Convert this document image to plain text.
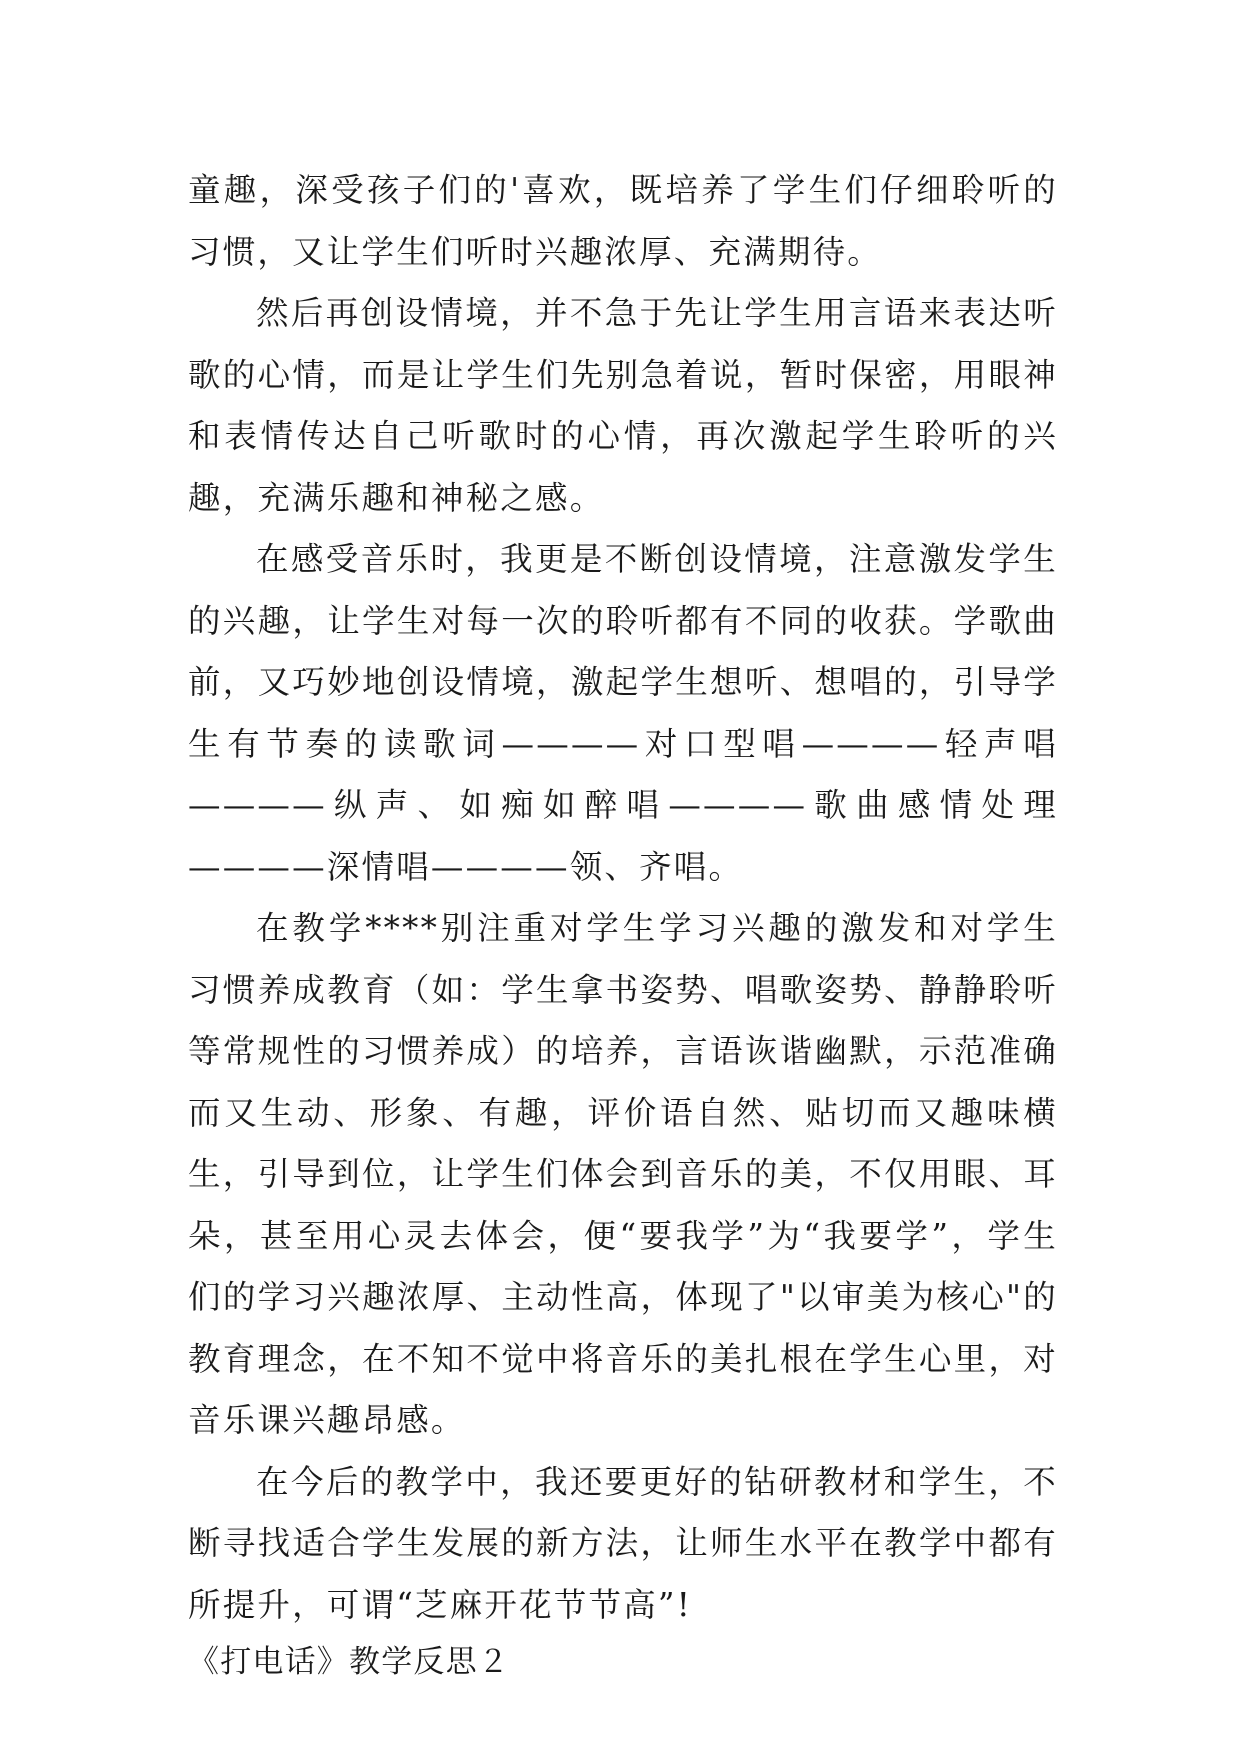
童趣，深受孩子们的'喜欢，既培养了学生们仔细聆听的习惯，又让学生们听时兴趣浓厚、充满期待。

然后再创设情境，并不急于先让学生用言语来表达听歌的心情，而是让学生们先别急着说，暂时保密，用眼神和表情传达自己听歌时的心情，再次激起学生聆听的兴趣，充满乐趣和神秘之感。

在感受音乐时，我更是不断创设情境，注意激发学生的兴趣，让学生对每一次的聆听都有不同的收获。学歌曲前，又巧妙地创设情境，激起学生想听、想唱的，引导学生有节奏的读歌词————对口型唱————轻声唱————纵声、如痴如醉唱————歌曲感情处理————深情唱————领、齐唱。

在教学****别注重对学生学习兴趣的激发和对学生习惯养成教育（如：学生拿书姿势、唱歌姿势、静静聆听等常规性的习惯养成）的培养，言语诙谐幽默，示范准确而又生动、形象、有趣，评价语自然、贴切而又趣味横生，引导到位，让学生们体会到音乐的美，不仅用眼、耳朵，甚至用心灵去体会，便“要我学”为“我要学”，学生们的学习兴趣浓厚、主动性高，体现了"以审美为核心"的教育理念，在不知不觉中将音乐的美扎根在学生心里，对音乐课兴趣昂感。

在今后的教学中，我还要更好的钻研教材和学生，不断寻找适合学生发展的新方法，让师生水平在教学中都有所提升，可谓“芝麻开花节节高”!

《打电话》教学反思２
